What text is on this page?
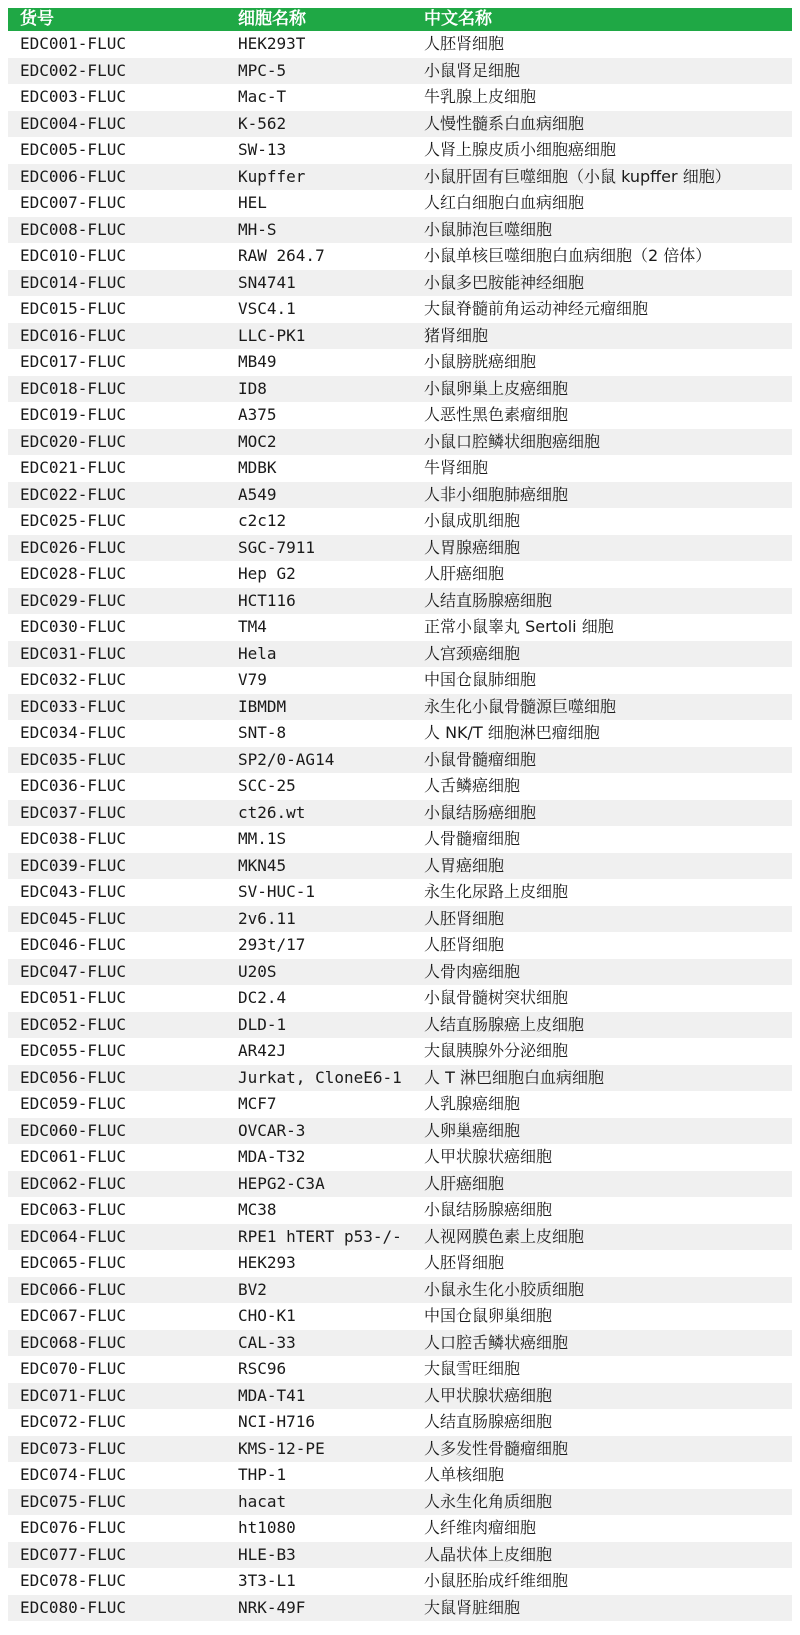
货号	细胞名称	中文名称
EDC001-FLUC	HEK293T	人胚肾细胞
EDC002-FLUC	MPC-5	小鼠肾足细胞
EDC003-FLUC	Mac-T	牛乳腺上皮细胞
EDC004-FLUC	K-562	人慢性髓系白血病细胞
EDC005-FLUC	SW-13	人肾上腺皮质小细胞癌细胞
EDC006-FLUC	Kupffer	小鼠肝固有巨噬细胞（小鼠 kupffer 细胞）
EDC007-FLUC	HEL	人红白细胞白血病细胞
EDC008-FLUC	MH-S	小鼠肺泡巨噬细胞
EDC010-FLUC	RAW 264.7	小鼠单核巨噬细胞白血病细胞（2 倍体）
EDC014-FLUC	SN4741	小鼠多巴胺能神经细胞
EDC015-FLUC	VSC4.1	大鼠脊髓前角运动神经元瘤细胞
EDC016-FLUC	LLC-PK1	猪肾细胞
EDC017-FLUC	MB49	小鼠膀胱癌细胞
EDC018-FLUC	ID8	小鼠卵巢上皮癌细胞
EDC019-FLUC	A375	人恶性黑色素瘤细胞
EDC020-FLUC	MOC2	小鼠口腔鳞状细胞癌细胞
EDC021-FLUC	MDBK	牛肾细胞
EDC022-FLUC	A549	人非小细胞肺癌细胞
EDC025-FLUC	c2c12	小鼠成肌细胞
EDC026-FLUC	SGC-7911	人胃腺癌细胞
EDC028-FLUC	Hep G2	人肝癌细胞
EDC029-FLUC	HCT116	人结直肠腺癌细胞
EDC030-FLUC	TM4	正常小鼠睾丸 Sertoli 细胞
EDC031-FLUC	Hela	人宫颈癌细胞
EDC032-FLUC	V79	中国仓鼠肺细胞
EDC033-FLUC	IBMDM	永生化小鼠骨髓源巨噬细胞
EDC034-FLUC	SNT-8	人 NK/T 细胞淋巴瘤细胞
EDC035-FLUC	SP2/0-AG14	小鼠骨髓瘤细胞
EDC036-FLUC	SCC-25	人舌鳞癌细胞
EDC037-FLUC	ct26.wt	小鼠结肠癌细胞
EDC038-FLUC	MM.1S	人骨髓瘤细胞
EDC039-FLUC	MKN45	人胃癌细胞
EDC043-FLUC	SV-HUC-1	永生化尿路上皮细胞
EDC045-FLUC	2v6.11	人胚肾细胞
EDC046-FLUC	293t/17	人胚肾细胞
EDC047-FLUC	U20S	人骨肉癌细胞
EDC051-FLUC	DC2.4	小鼠骨髓树突状细胞
EDC052-FLUC	DLD-1	人结直肠腺癌上皮细胞
EDC055-FLUC	AR42J	大鼠胰腺外分泌细胞
EDC056-FLUC	Jurkat, CloneE6-1	人 T 淋巴细胞白血病细胞
EDC059-FLUC	MCF7	人乳腺癌细胞
EDC060-FLUC	OVCAR-3	人卵巢癌细胞
EDC061-FLUC	MDA-T32	人甲状腺状癌细胞
EDC062-FLUC	HEPG2-C3A	人肝癌细胞
EDC063-FLUC	MC38	小鼠结肠腺癌细胞
EDC064-FLUC	RPE1 hTERT p53-/-	人视网膜色素上皮细胞
EDC065-FLUC	HEK293	人胚肾细胞
EDC066-FLUC	BV2	小鼠永生化小胶质细胞
EDC067-FLUC	CHO-K1	中国仓鼠卵巢细胞
EDC068-FLUC	CAL-33	人口腔舌鳞状癌细胞
EDC070-FLUC	RSC96	大鼠雪旺细胞
EDC071-FLUC	MDA-T41	人甲状腺状癌细胞
EDC072-FLUC	NCI-H716	人结直肠腺癌细胞
EDC073-FLUC	KMS-12-PE	人多发性骨髓瘤细胞
EDC074-FLUC	THP-1	人单核细胞
EDC075-FLUC	hacat	人永生化角质细胞
EDC076-FLUC	ht1080	人纤维肉瘤细胞
EDC077-FLUC	HLE-B3	人晶状体上皮细胞
EDC078-FLUC	3T3-L1	小鼠胚胎成纤维细胞
EDC080-FLUC	NRK-49F	大鼠肾脏细胞
